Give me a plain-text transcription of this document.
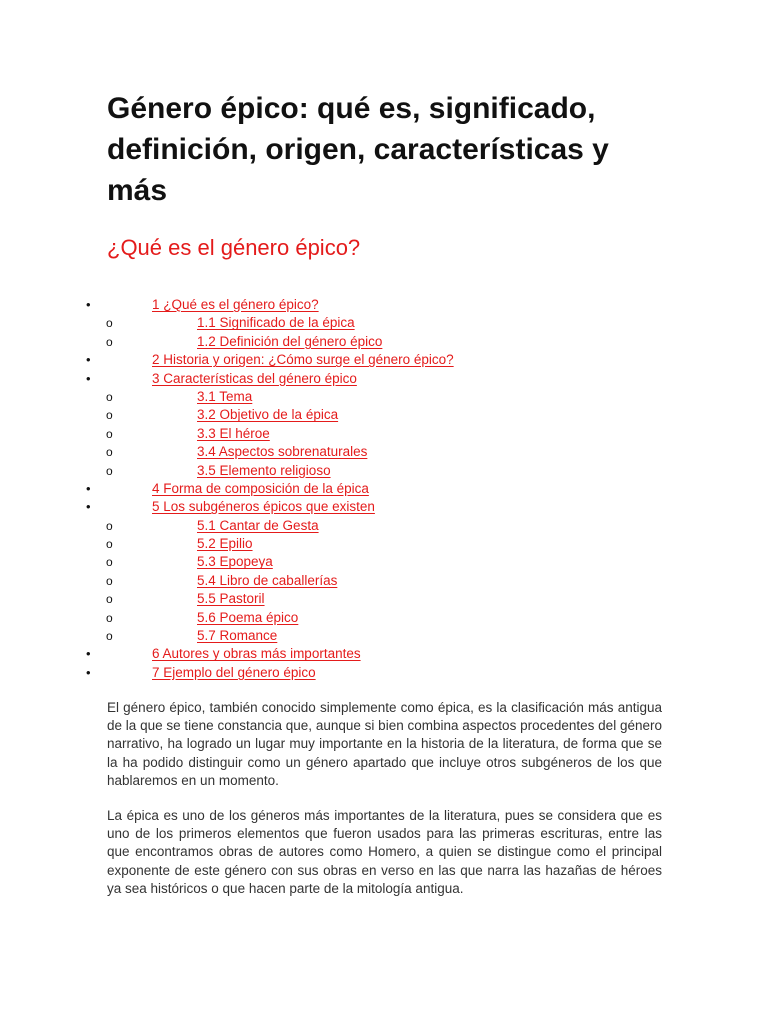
Género épico: qué es, significado, definición, origen, características y más
¿Qué es el género épico?
•	1 ¿Qué es el género épico?
o	1.1 Significado de la épica
o	1.2 Definición del género épico
•	2 Historia y origen: ¿Cómo surge el género épico?
•	3 Características del género épico
o	3.1 Tema
o	3.2 Objetivo de la épica
o	3.3 El héroe
o	3.4 Aspectos sobrenaturales
o	3.5 Elemento religioso
•	4 Forma de composición de la épica
•	5 Los subgéneros épicos que existen
o	5.1 Cantar de Gesta
o	5.2 Epilio
o	5.3 Epopeya
o	5.4 Libro de caballerías
o	5.5 Pastoril
o	5.6 Poema épico
o	5.7 Romance
•	6 Autores y obras más importantes
•	7 Ejemplo del género épico

El género épico, también conocido simplemente como épica, es la clasificación más antigua de la que se tiene constancia que, aunque si bien combina aspectos procedentes del género narrativo, ha logrado un lugar muy importante en la historia de la literatura, de forma que se la ha podido distinguir como un género apartado que incluye otros subgéneros de los que hablaremos en un momento.

La épica es uno de los géneros más importantes de la literatura, pues se considera que es uno de los primeros elementos que fueron usados para las primeras escrituras, entre las que encontramos obras de autores como Homero, a quien se distingue como el principal exponente de este género con sus obras en verso en las que narra las hazañas de héroes ya sea históricos o que hacen parte de la mitología antigua.
